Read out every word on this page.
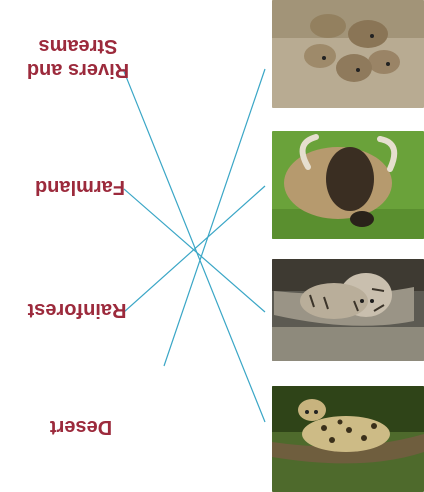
Desert
Rainforest
Farmland
Rivers and
Streams
